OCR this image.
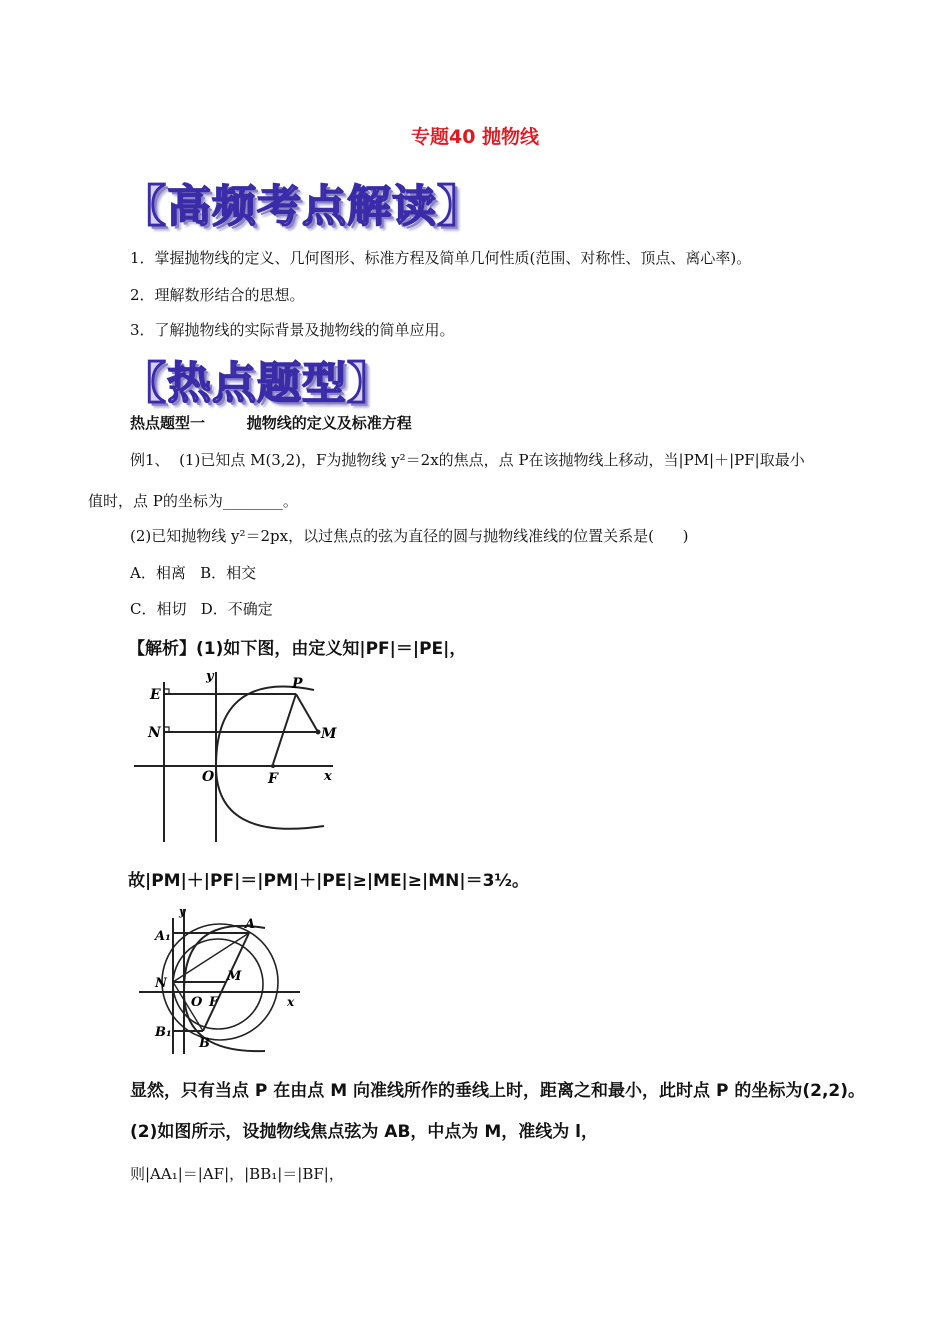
专题40 抛物线
【高频考点解读】
1．掌握抛物线的定义、几何图形、标准方程及简单几何性质(范围、对称性、顶点、离心率)。
2．理解数形结合的思想。
3．了解抛物线的实际背景及抛物线的简单应用。
【热点题型】
热点题型一        抛物线的定义及标准方程
例1、  (1)已知点 M(3,2)，F为抛物线 y²＝2x的焦点，点 P在该抛物线上移动，当|PM|＋|PF|取最小
值时，点 P的坐标为________。
(2)已知抛物线 y²＝2px，以过焦点的弦为直径的圆与抛物线准线的位置关系是(      )
A．相离   B．相交
C．相切   D．不确定
【解析】(1)如下图，由定义知|PF|＝|PE|，
y
x
E
N
P
M
O	F
故|PM|＋|PF|＝|PM|＋|PE|≥|ME|≥|MN|＝3½。
y
x
A₁
N
B₁
A
M
O F
B
显然，只有当点 P 在由点 M 向准线所作的垂线上时，距离之和最小，此时点 P 的坐标为(2,2)。
(2)如图所示，设抛物线焦点弦为 AB，中点为 M，准线为 l，
则|AA₁|＝|AF|，|BB₁|＝|BF|，
